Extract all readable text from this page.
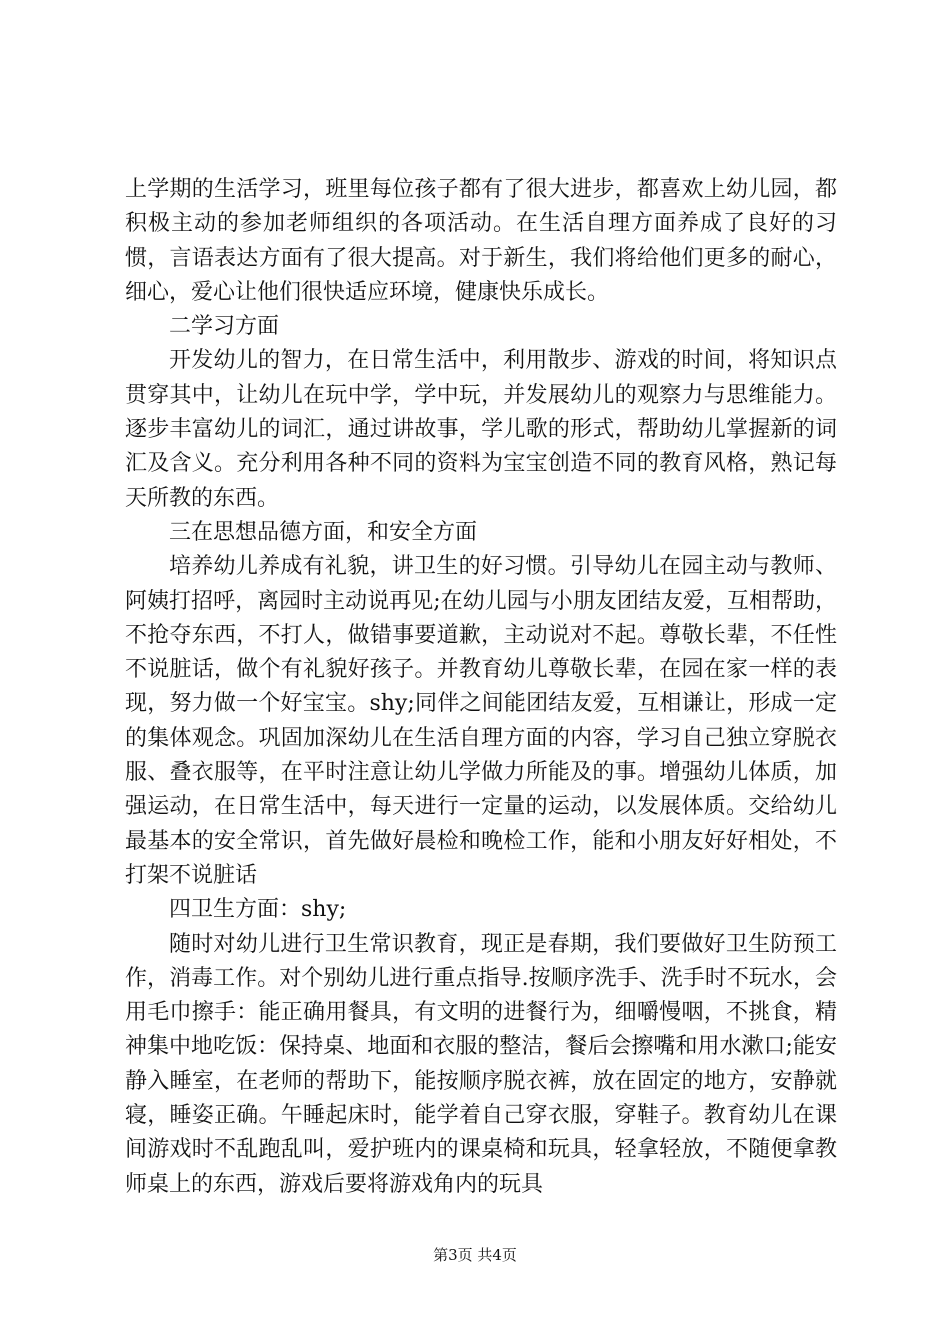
上学期的生活学习，班里每位孩子都有了很大进步，都喜欢上幼儿园，都积极主动的参加老师组织的各项活动。在生活自理方面养成了良好的习惯，言语表达方面有了很大提高。对于新生，我们将给他们更多的耐心，细心，爱心让他们很快适应环境，健康快乐成长。

二学习方面

开发幼儿的智力，在日常生活中，利用散步、游戏的时间，将知识点贯穿其中，让幼儿在玩中学，学中玩，并发展幼儿的观察力与思维能力。逐步丰富幼儿的词汇，通过讲故事，学儿歌的形式，帮助幼儿掌握新的词汇及含义。充分利用各种不同的资料为宝宝创造不同的教育风格，熟记每天所教的东西。

三在思想品德方面，和安全方面

培养幼儿养成有礼貌，讲卫生的好习惯。引导幼儿在园主动与教师、阿姨打招呼，离园时主动说再见;在幼儿园与小朋友团结友爱，互相帮助，不抢夺东西，不打人，做错事要道歉，主动说对不起。尊敬长辈，不任性不说脏话，做个有礼貌好孩子。并教育幼儿尊敬长辈，在园在家一样的表现，努力做一个好宝宝。shy;同伴之间能团结友爱，互相谦让，形成一定的集体观念。巩固加深幼儿在生活自理方面的内容，学习自己独立穿脱衣服、叠衣服等，在平时注意让幼儿学做力所能及的事。增强幼儿体质，加强运动，在日常生活中，每天进行一定量的运动，以发展体质。交给幼儿最基本的安全常识，首先做好晨检和晚检工作，能和小朋友好好相处，不打架不说脏话

四卫生方面：shy;

随时对幼儿进行卫生常识教育，现正是春期，我们要做好卫生防预工作，消毒工作。对个别幼儿进行重点指导.按顺序洗手、洗手时不玩水，会用毛巾擦手：能正确用餐具，有文明的进餐行为，细嚼慢咽，不挑食，精神集中地吃饭：保持桌、地面和衣服的整洁，餐后会擦嘴和用水漱口;能安静入睡室，在老师的帮助下，能按顺序脱衣裤，放在固定的地方，安静就寝，睡姿正确。午睡起床时，能学着自己穿衣服，穿鞋子。教育幼儿在课间游戏时不乱跑乱叫，爱护班内的课桌椅和玩具，轻拿轻放，不随便拿教师桌上的东西，游戏后要将游戏角内的玩具

第3页 共4页
